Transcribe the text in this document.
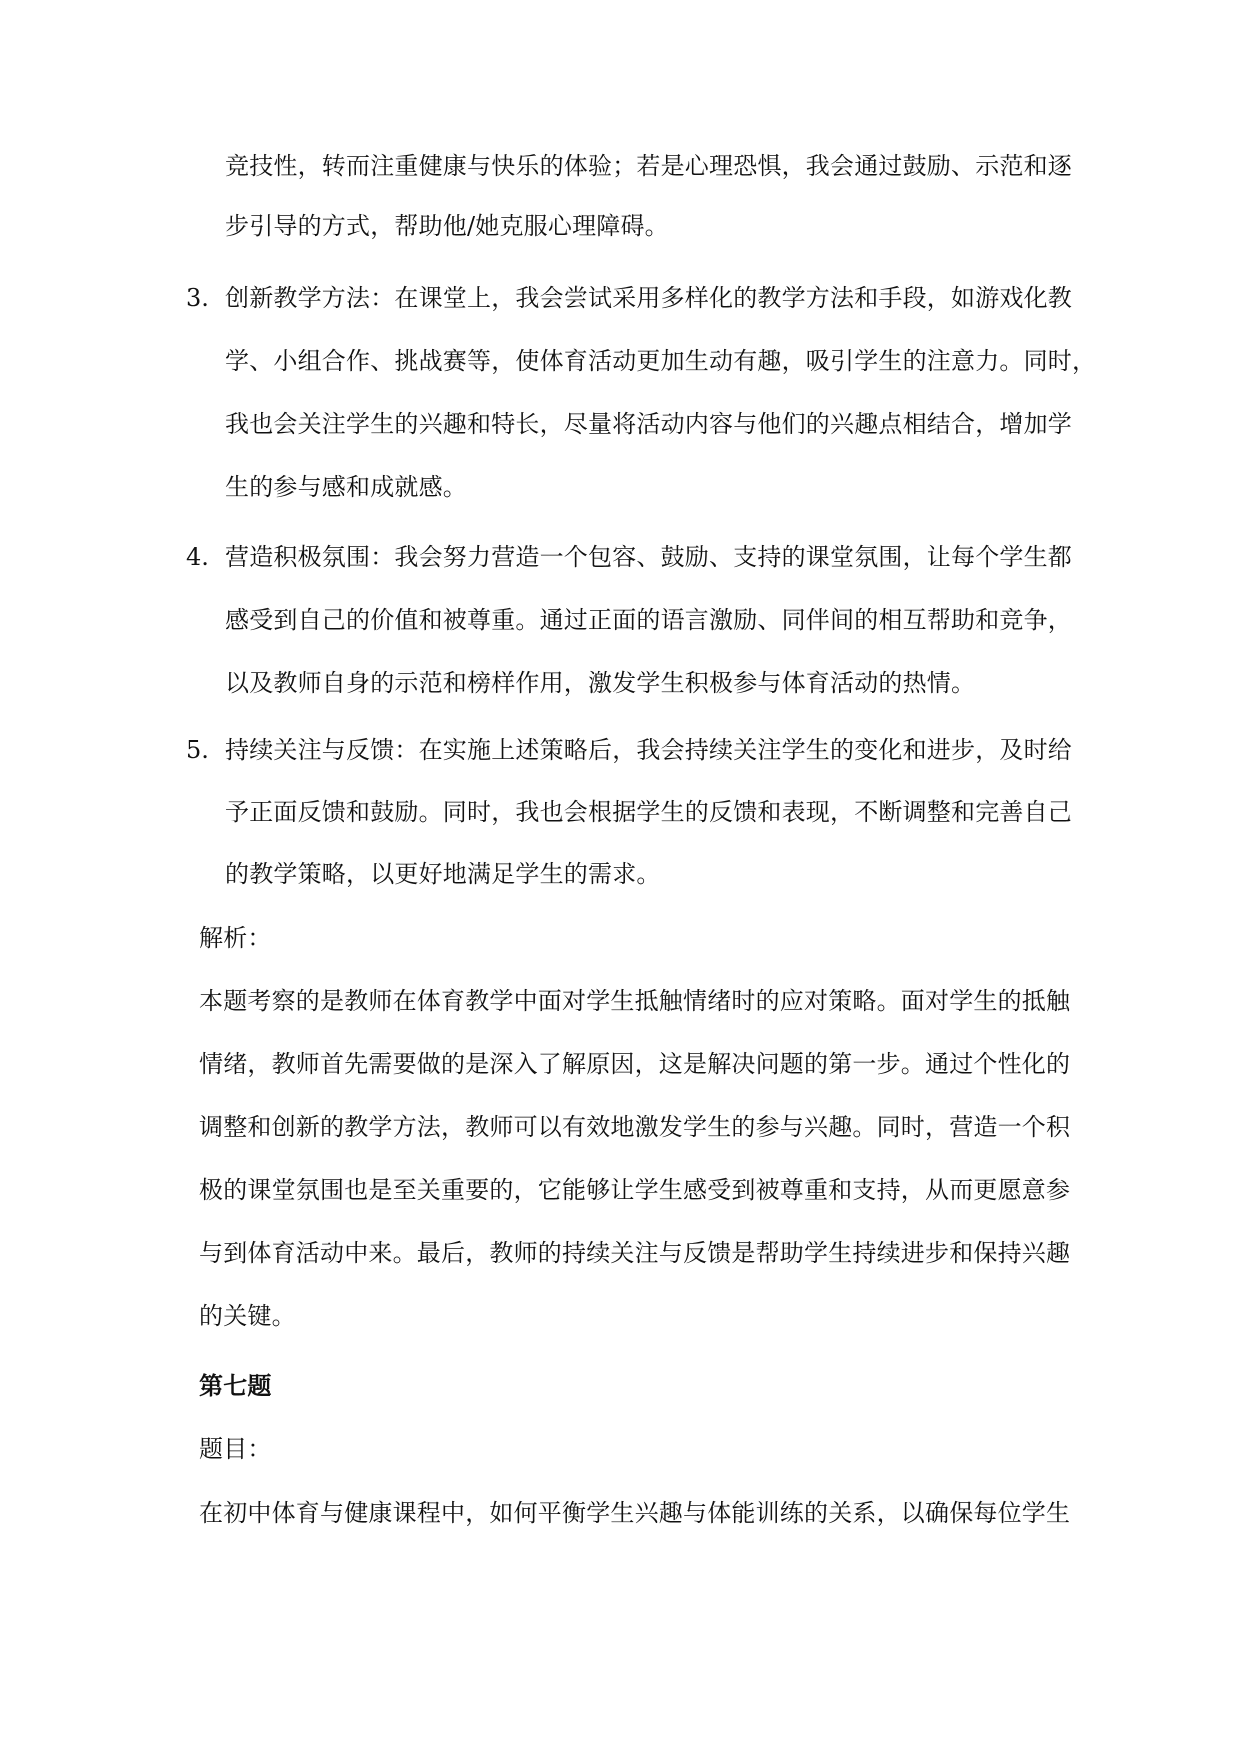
竞技性，转而注重健康与快乐的体验；若是心理恐惧，我会通过鼓励、示范和逐
步引导的方式，帮助他/她克服心理障碍。
3. 创新教学方法：在课堂上，我会尝试采用多样化的教学方法和手段，如游戏化教
学、小组合作、挑战赛等，使体育活动更加生动有趣，吸引学生的注意力。同时，
我也会关注学生的兴趣和特长，尽量将活动内容与他们的兴趣点相结合，增加学
生的参与感和成就感。
4. 营造积极氛围：我会努力营造一个包容、鼓励、支持的课堂氛围，让每个学生都
感受到自己的价值和被尊重。通过正面的语言激励、同伴间的相互帮助和竞争，
以及教师自身的示范和榜样作用，激发学生积极参与体育活动的热情。
5. 持续关注与反馈：在实施上述策略后，我会持续关注学生的变化和进步，及时给
予正面反馈和鼓励。同时，我也会根据学生的反馈和表现，不断调整和完善自己
的教学策略，以更好地满足学生的需求。
解析：
本题考察的是教师在体育教学中面对学生抵触情绪时的应对策略。面对学生的抵触
情绪，教师首先需要做的是深入了解原因，这是解决问题的第一步。通过个性化的
调整和创新的教学方法，教师可以有效地激发学生的参与兴趣。同时，营造一个积
极的课堂氛围也是至关重要的，它能够让学生感受到被尊重和支持，从而更愿意参
与到体育活动中来。最后，教师的持续关注与反馈是帮助学生持续进步和保持兴趣
的关键。
第七题
题目：
在初中体育与健康课程中，如何平衡学生兴趣与体能训练的关系，以确保每位学生
